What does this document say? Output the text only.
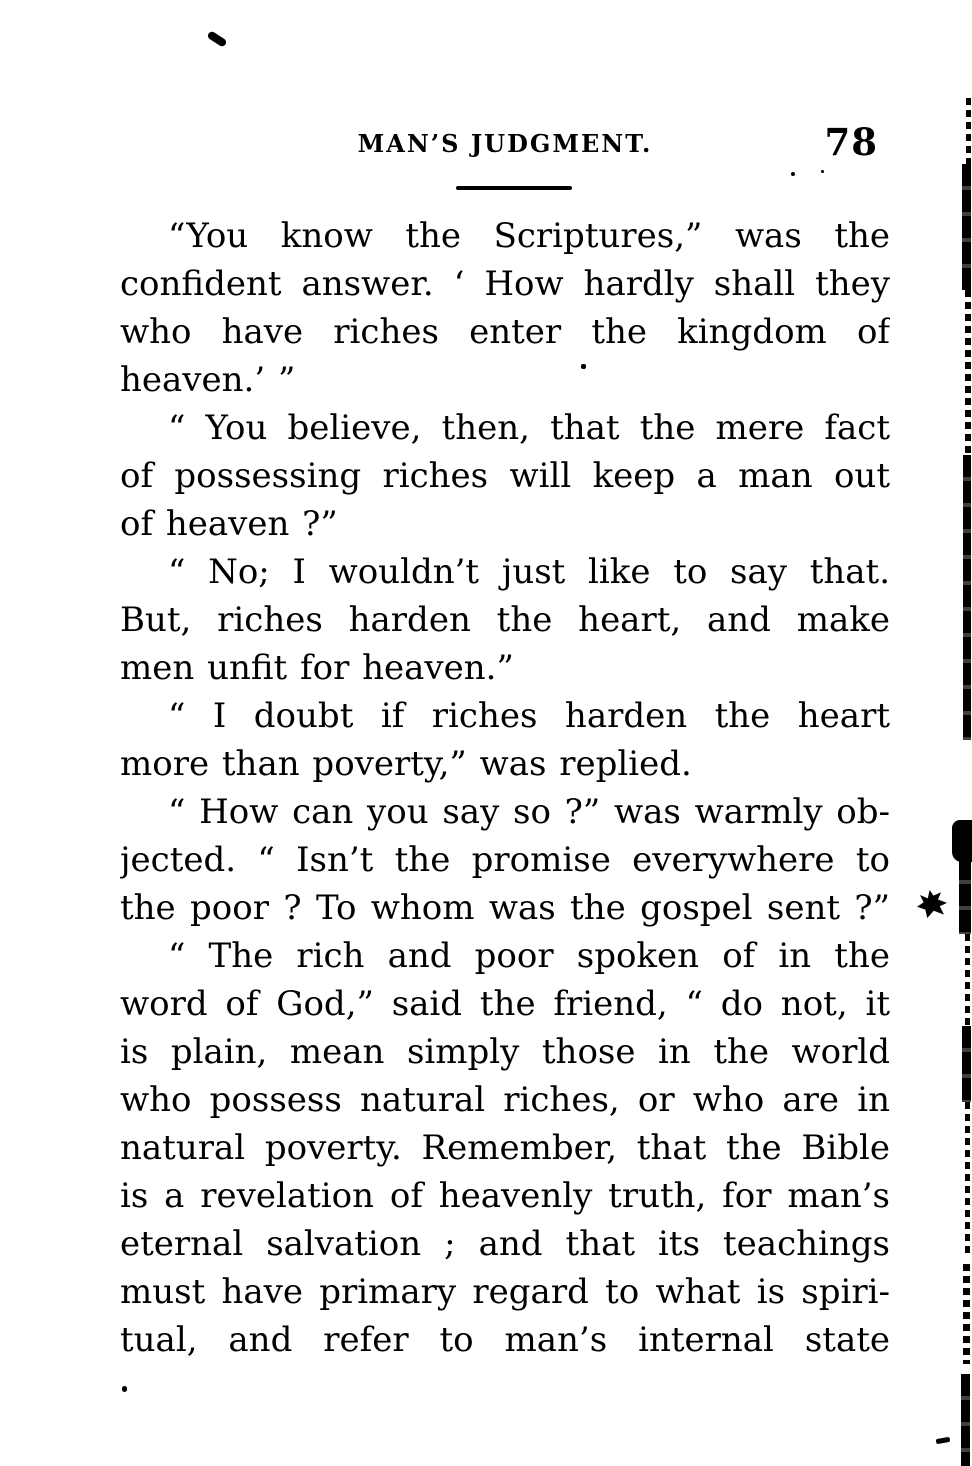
MAN’S JUDGMENT.	78
“You know the Scriptures,” was the
confident answer. ‘ How hardly shall they
who have riches enter the kingdom of
heaven.’ ”
“ You believe, then, that the mere fact
of possessing riches will keep a man out
of heaven ?”
“ No; I wouldn’t just like to say that.
But, riches harden the heart, and make
men unfit for heaven.”
“ I doubt if riches harden the heart
more than poverty,” was replied.
“ How can you say so ?” was warmly ob-
jected. “ Isn’t the promise everywhere to
the poor ? To whom was the gospel sent ?”
“ The rich and poor spoken of in the
word of God,” said the friend, “ do not, it
is plain, mean simply those in the world
who possess natural riches, or who are in
natural poverty. Remember, that the Bible
is a revelation of heavenly truth, for man’s
eternal salvation ; and that its teachings
must have primary regard to what is spiri-
tual, and refer to man’s internal state
